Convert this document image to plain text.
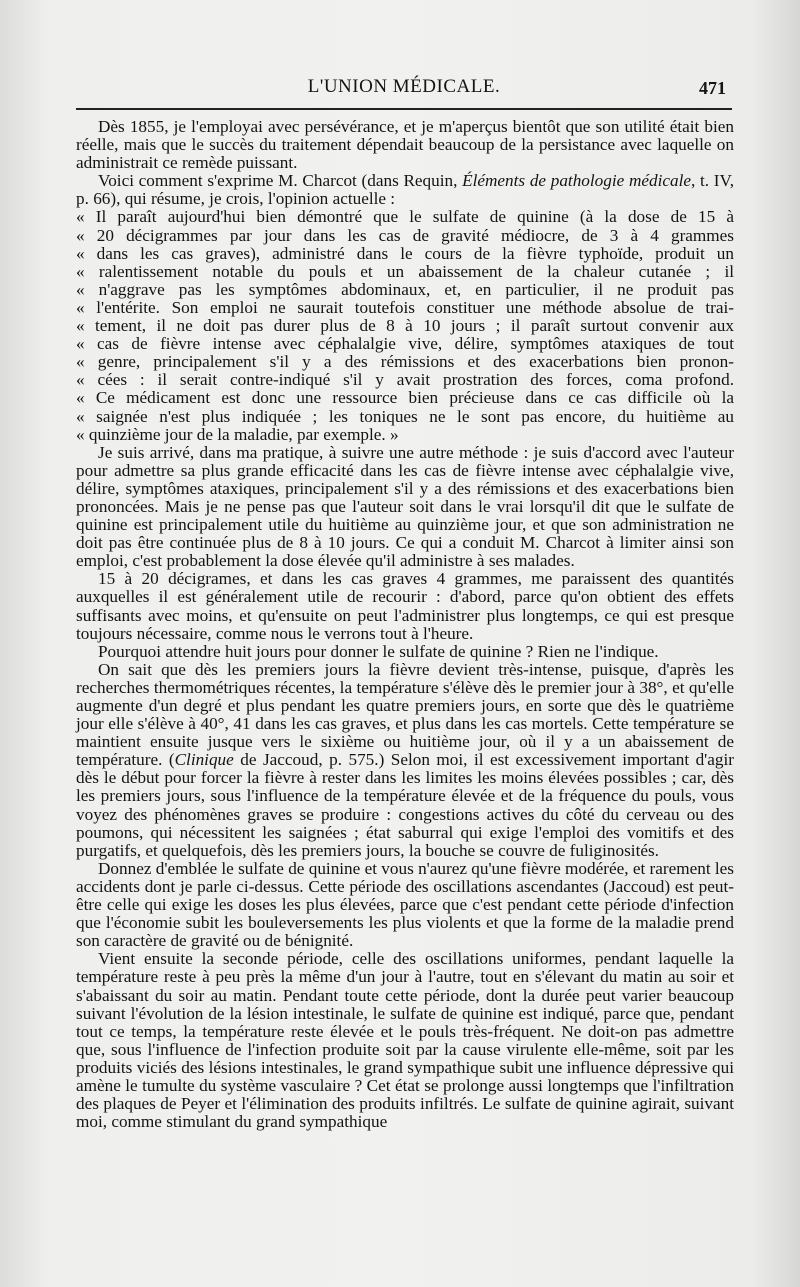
L'UNION MÉDICALE.	471

Dès 1855, je l'employai avec persévérance, et je m'aperçus bientôt que son utilité était bien réelle, mais que le succès du traitement dépendait beaucoup de la persistance avec laquelle on administrait ce remède puissant.

Voici comment s'exprime M. Charcot (dans Requin, Éléments de pathologie médicale, t. IV, p. 66), qui résume, je crois, l'opinion actuelle :

« Il paraît aujourd'hui bien démontré que le sulfate de quinine (à la dose de 15 à
« 20 décigrammes par jour dans les cas de gravité médiocre, de 3 à 4 grammes
« dans les cas graves), administré dans le cours de la fièvre typhoïde, produit un
« ralentissement notable du pouls et un abaissement de la chaleur cutanée ; il
« n'aggrave pas les symptômes abdominaux, et, en particulier, il ne produit pas
« l'entérite. Son emploi ne saurait toutefois constituer une méthode absolue de trai-
« tement, il ne doit pas durer plus de 8 à 10 jours ; il paraît surtout convenir aux
« cas de fièvre intense avec céphalalgie vive, délire, symptômes ataxiques de tout
« genre, principalement s'il y a des rémissions et des exacerbations bien pronon-
« cées : il serait contre-indiqué s'il y avait prostration des forces, coma profond.
« Ce médicament est donc une ressource bien précieuse dans ce cas difficile où la
« saignée n'est plus indiquée ; les toniques ne le sont pas encore, du huitième au
« quinzième jour de la maladie, par exemple. »

Je suis arrivé, dans ma pratique, à suivre une autre méthode : je suis d'accord avec l'auteur pour admettre sa plus grande efficacité dans les cas de fièvre intense avec céphalalgie vive, délire, symptômes ataxiques, principalement s'il y a des rémissions et des exacerbations bien prononcées. Mais je ne pense pas que l'auteur soit dans le vrai lorsqu'il dit que le sulfate de quinine est principalement utile du huitième au quinzième jour, et que son administration ne doit pas être continuée plus de 8 à 10 jours. Ce qui a conduit M. Charcot à limiter ainsi son emploi, c'est probablement la dose élevée qu'il administre à ses malades.

15 à 20 décigrames, et dans les cas graves 4 grammes, me paraissent des quantités auxquelles il est généralement utile de recourir : d'abord, parce qu'on obtient des effets suffisants avec moins, et qu'ensuite on peut l'administrer plus longtemps, ce qui est presque toujours nécessaire, comme nous le verrons tout à l'heure.

Pourquoi attendre huit jours pour donner le sulfate de quinine ? Rien ne l'indique.

On sait que dès les premiers jours la fièvre devient très-intense, puisque, d'après les recherches thermométriques récentes, la température s'élève dès le premier jour à 38°, et qu'elle augmente d'un degré et plus pendant les quatre premiers jours, en sorte que dès le quatrième jour elle s'élève à 40°, 41 dans les cas graves, et plus dans les cas mortels. Cette température se maintient ensuite jusque vers le sixième ou huitième jour, où il y a un abaissement de température. (Clinique de Jaccoud, p. 575.) Selon moi, il est excessivement important d'agir dès le début pour forcer la fièvre à rester dans les limites les moins élevées possibles ; car, dès les premiers jours, sous l'influence de la température élevée et de la fréquence du pouls, vous voyez des phénomènes graves se produire : congestions actives du côté du cerveau ou des poumons, qui nécessitent les saignées ; état saburral qui exige l'emploi des vomitifs et des purgatifs, et quelquefois, dès les premiers jours, la bouche se couvre de fuliginosités.

Donnez d'emblée le sulfate de quinine et vous n'aurez qu'une fièvre modérée, et rarement les accidents dont je parle ci-dessus. Cette période des oscillations ascendantes (Jaccoud) est peut-être celle qui exige les doses les plus élevées, parce que c'est pendant cette période d'infection que l'économie subit les bouleversements les plus violents et que la forme de la maladie prend son caractère de gravité ou de bénignité.

Vient ensuite la seconde période, celle des oscillations uniformes, pendant laquelle la température reste à peu près la même d'un jour à l'autre, tout en s'élevant du matin au soir et s'abaissant du soir au matin. Pendant toute cette période, dont la durée peut varier beaucoup suivant l'évolution de la lésion intestinale, le sulfate de quinine est indiqué, parce que, pendant tout ce temps, la température reste élevée et le pouls très-fréquent. Ne doit-on pas admettre que, sous l'influence de l'infection produite soit par la cause virulente elle-même, soit par les produits viciés des lésions intestinales, le grand sympathique subit une influence dépressive qui amène le tumulte du système vasculaire ? Cet état se prolonge aussi longtemps que l'infiltration des plaques de Peyer et l'élimination des produits infiltrés. Le sulfate de quinine agirait, suivant moi, comme stimulant du grand sympathique
